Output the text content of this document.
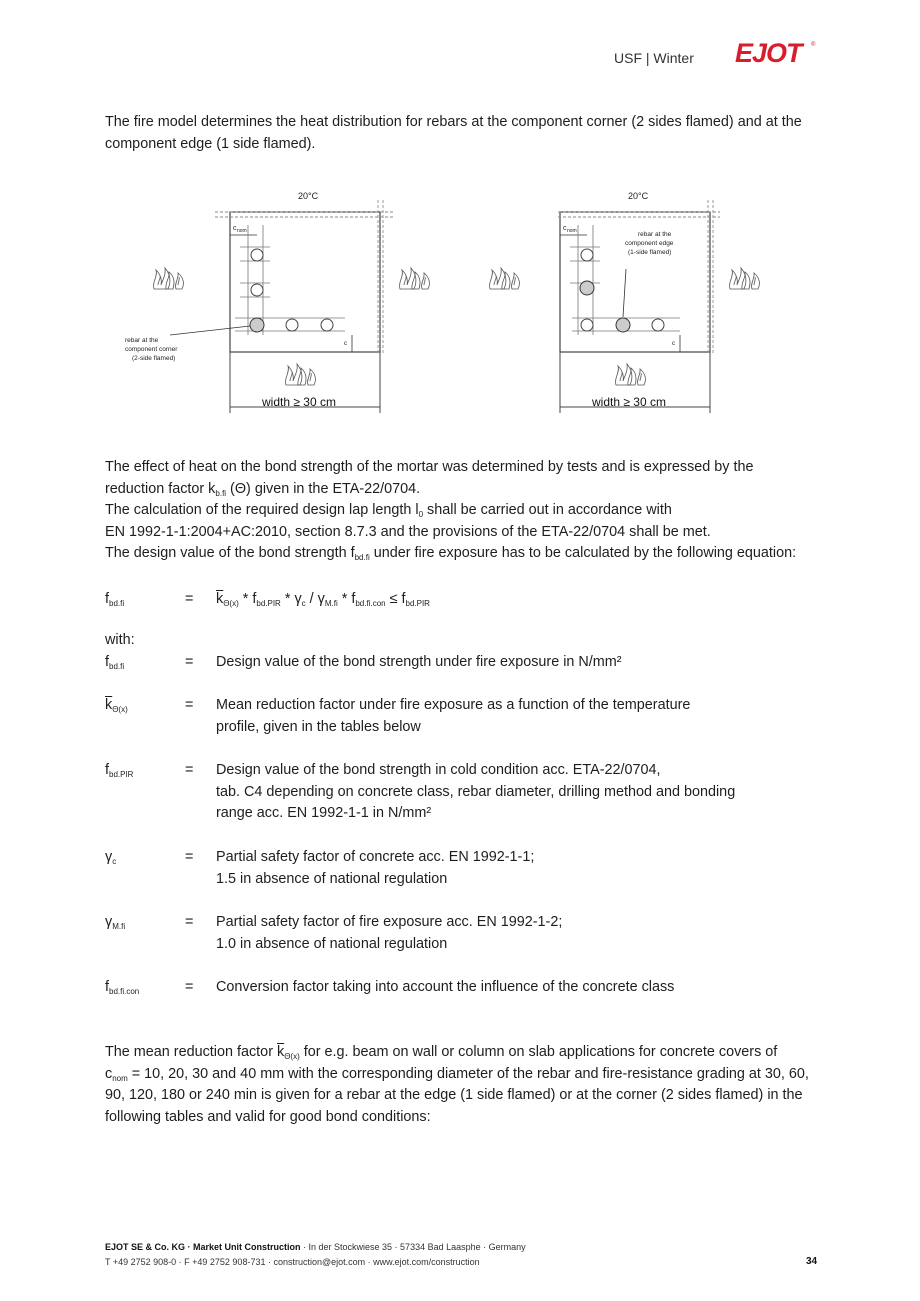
USF | Winter EJOT	®

The fire model determines the heat distribution for rebars at the component corner (2 sides flamed) and at the component edge (1 side flamed).

20°C
c nom
c
width ≥ 30 cm
rebar at the
component corner
(2-side flamed)
20°C
c nom
c
rebar at the
component edge
(1-side flamed)
width ≥ 30 cm
The effect of heat on the bond strength of the mortar was determined by tests and is expressed by the
reduction factor $k_{b.fi}$ (Θ) given in the ETA-22/0704.
The calculation of the required design lap length $l_0$ shall be carried out in accordance with
EN 1992-1-1:2004+AC:2010, section 8.7.3 and the provisions of the ETA-22/0704 shall be met.
The design value of the bond strength $f_{bd.fi}$ under fire exposure has to be calculated by the following equation:
$f_{bd.fi}$	= $\overline{k}_{\Theta(x)} * f_{bd.PIR} * \gamma_c / \gamma_{M.fi} * f_{bd.fi.con} \le f_{bd.PIR}$
with:
$f_{bd.fi}$	= Design value of the bond strength under fire exposure in N/mm²
$\overline{k}_{\Theta(x)}$	= Mean reduction factor under fire exposure as a function of the temperature
profile, given in the tables below
$f_{bd.PIR}$	= Design value of the bond strength in cold condition acc. ETA-22/0704,
tab. C4 depending on concrete class, rebar diameter, drilling method and bonding
range acc. EN 1992-1-1 in N/mm²
$\gamma_c$	= Partial safety factor of concrete acc. EN 1992-1-1;
1.5 in absence of national regulation
$\gamma_{M.fi}$	= Partial safety factor of fire exposure acc. EN 1992-1-2;
1.0 in absence of national regulation
$f_{bd.fi.con}$	= Conversion factor taking into account the influence of the concrete class
The mean reduction factor $\overline{k}_{\Theta(x)}$ for e.g. beam on wall or column on slab applications for concrete covers of
$c_{nom} = 10$, 20, 30 and 40 mm with the corresponding diameter of the rebar and fire-resistance grading at 30, 60,
90, 120, 180 or 240 min is given for a rebar at the edge (1 side flamed) or at the corner (2 sides flamed) in the
following tables and valid for good bond conditions:
EJOT SE & Co. KG · Market Unit Construction · In der Stockwiese 35 · 57334 Bad Laasphe · Germany
T +49 2752 908-0 · F +49 2752 908-731 · construction@ejot.com · www.ejot.com/construction	34
